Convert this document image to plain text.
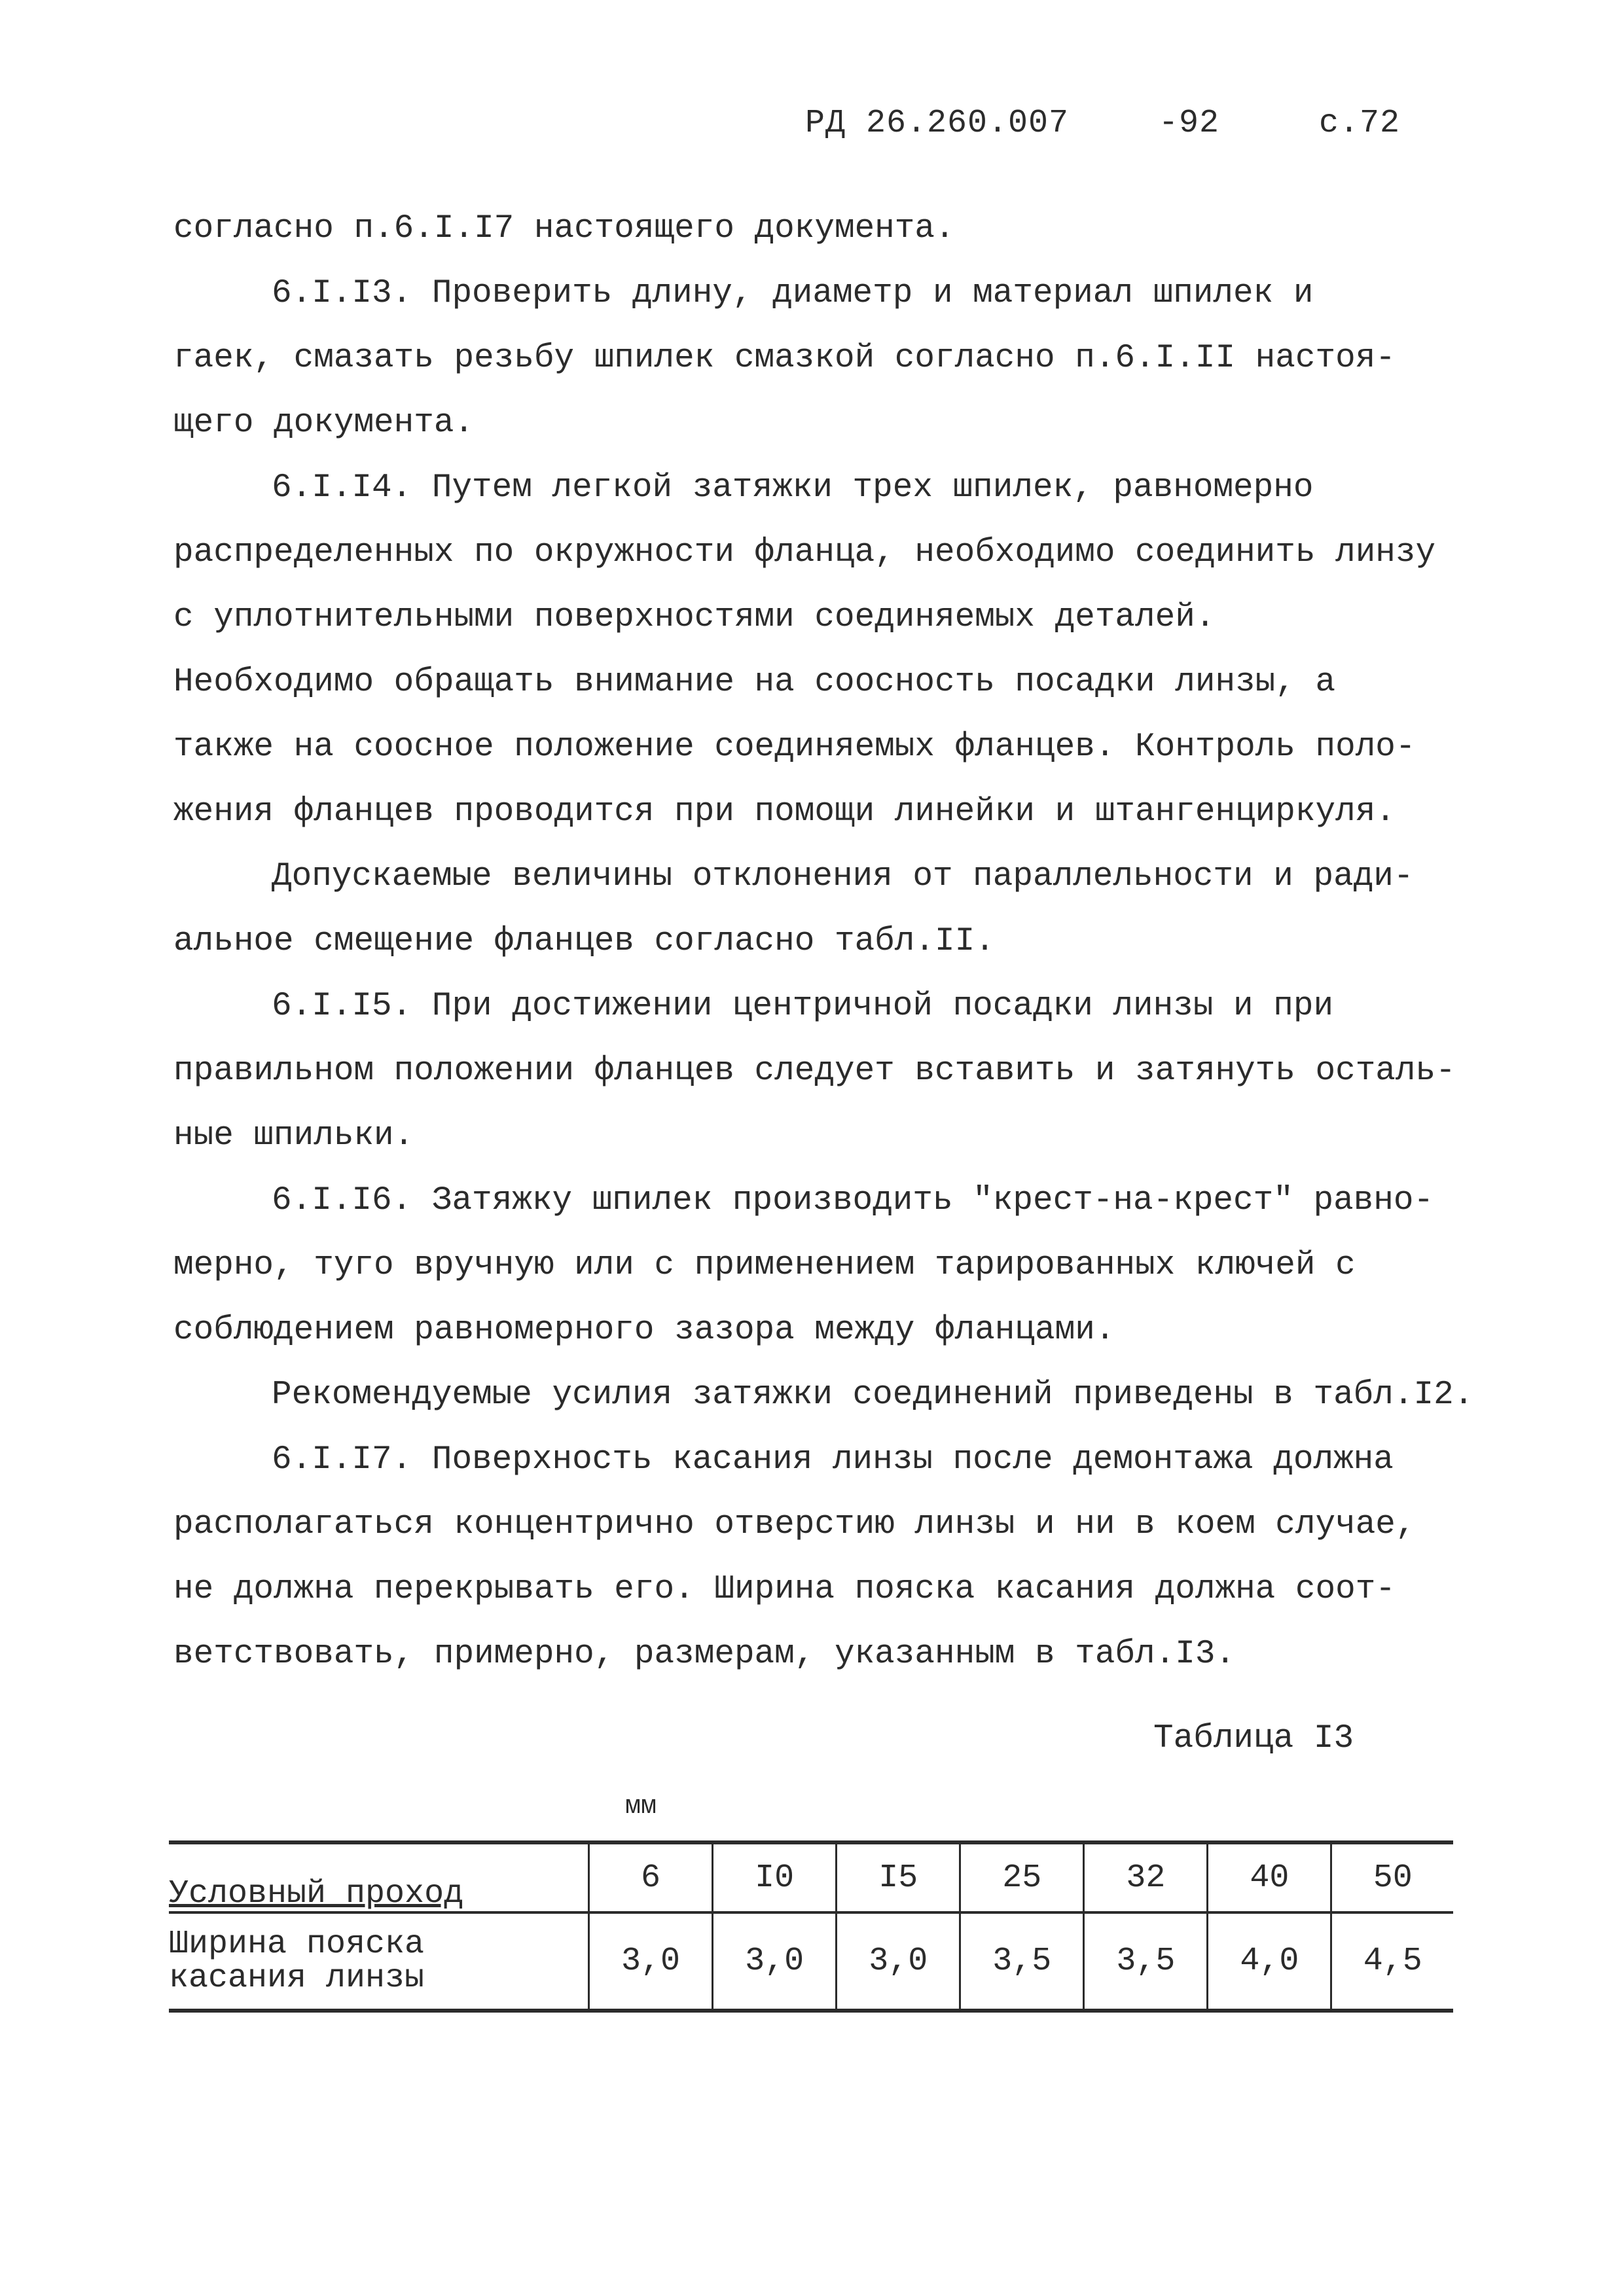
РД 26.260.007	-92	с.72
согласно п.6.I.I7 настоящего документа.
6.I.I3. Проверить длину, диаметр и материал шпилек и
гаек, смазать резьбу шпилек смазкой согласно п.6.I.II настоя-
щего документа.
6.I.I4. Путем легкой затяжки трех шпилек, равномерно
распределенных по окружности фланца, необходимо соединить линзу
с уплотнительными поверхностями соединяемых деталей.
Необходимо обращать внимание на соосность посадки линзы, а
также на соосное положение соединяемых фланцев. Контроль поло-
жения фланцев проводится при помощи линейки и штангенциркуля.
Допускаемые величины отклонения от параллельности и ради-
альное смещение фланцев согласно табл.II.
6.I.I5. При достижении центричной посадки линзы и при
правильном положении фланцев следует вставить и затянуть осталь-
ные шпильки.
6.I.I6. Затяжку шпилек производить "крест-на-крест" равно-
мерно, туго вручную или с применением тарированных ключей с
соблюдением равномерного зазора между фланцами.
Рекомендуемые усилия затяжки соединений приведены в табл.I2.
6.I.I7. Поверхность касания линзы после демонтажа должна
располагаться концентрично отверстию линзы и ни в коем случае,
не должна перекрывать его. Ширина пояска касания должна соот-
ветствовать, примерно, размерам, указанным в табл.I3.
Таблица I3
мм
Условный проход	6	I0	I5	25	32	40	50

Ширина пояска
касания линзы	3,0	3,0	3,0	3,5	3,5	4,0	4,5
